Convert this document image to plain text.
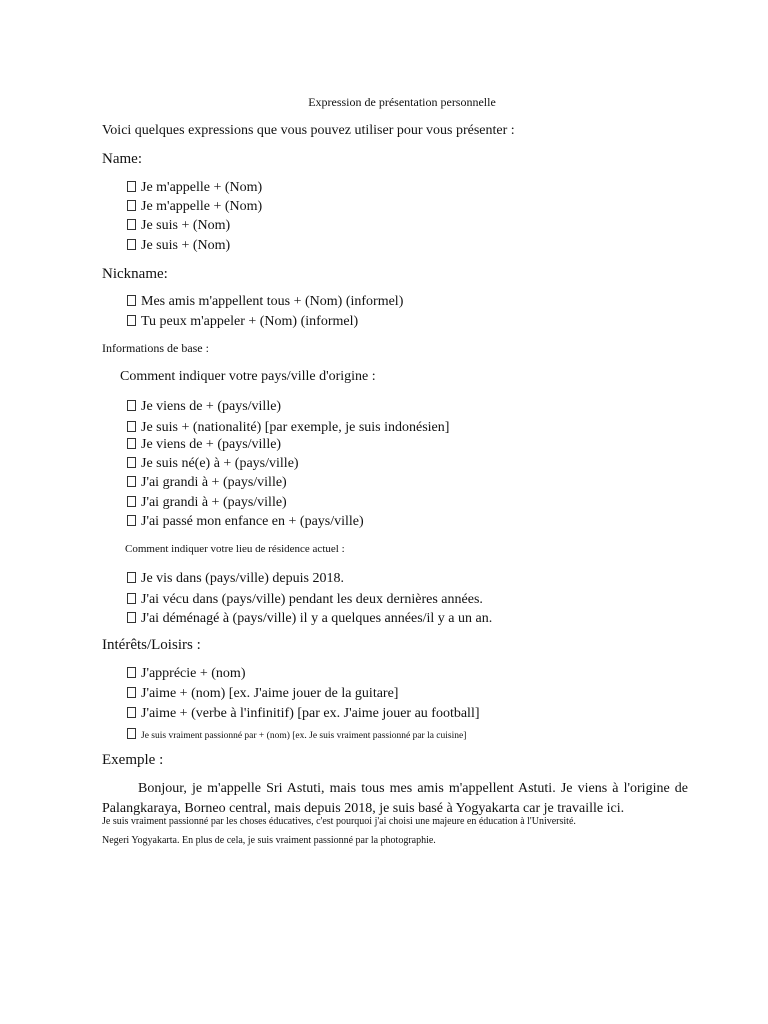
Expression de présentation personnelle
Voici quelques expressions que vous pouvez utiliser pour vous présenter :
Name:
Je m'appelle + (Nom)
Je m'appelle + (Nom)
Je suis + (Nom)
Je suis + (Nom)
Nickname:
Mes amis m'appellent tous + (Nom) (informel)
Tu peux m'appeler + (Nom) (informel)
Informations de base :
Comment indiquer votre pays/ville d'origine :
Je viens de + (pays/ville)
Je suis + (nationalité) [par exemple, je suis indonésien]
Je viens de + (pays/ville)
Je suis né(e) à + (pays/ville)
J'ai grandi à + (pays/ville)
J'ai grandi à + (pays/ville)
J'ai passé mon enfance en + (pays/ville)
Comment indiquer votre lieu de résidence actuel :
Je vis dans (pays/ville) depuis 2018.
J'ai vécu dans (pays/ville) pendant les deux dernières années.
J'ai déménagé à (pays/ville) il y a quelques années/il y a un an.
Intérêts/Loisirs :
J'apprécie + (nom)
J'aime + (nom) [ex. J'aime jouer de la guitare]
J'aime + (verbe à l'infinitif) [par ex. J'aime jouer au football]
Je suis vraiment passionné par + (nom) [ex. Je suis vraiment passionné par la cuisine]
Exemple :
Bonjour, je m'appelle Sri Astuti, mais tous mes amis m'appellent Astuti. Je viens à l'origine de Palangkaraya, Borneo central, mais depuis 2018, je suis basé à Yogyakarta car je travaille ici.
Je suis vraiment passionné par les choses éducatives, c'est pourquoi j'ai choisi une majeure en éducation à l'Université.
Negeri Yogyakarta. En plus de cela, je suis vraiment passionné par la photographie.
